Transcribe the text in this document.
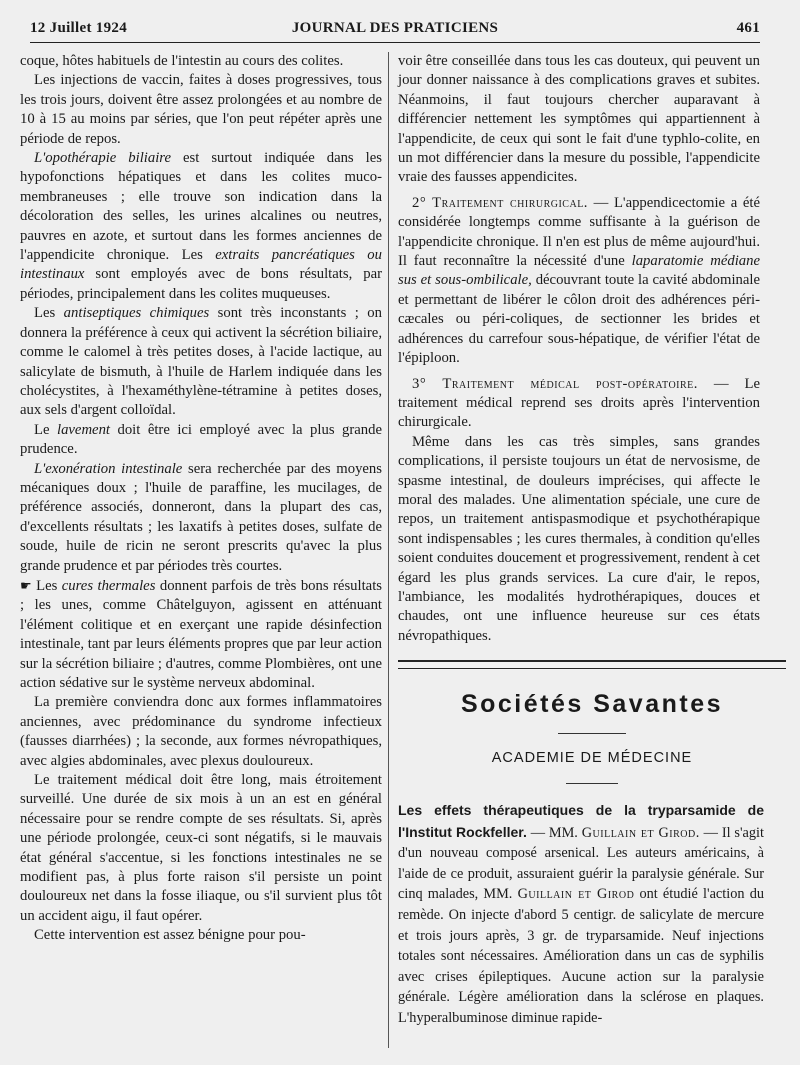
12 Juillet 1924	JOURNAL DES PRATICIENS	461

coque, hôtes habituels de l'intestin au cours des colites.

Les injections de vaccin, faites à doses progressives, tous les trois jours, doivent être assez prolongées et au nombre de 10 à 15 au moins par séries, que l'on peut répéter après une période de repos.

L'opothérapie biliaire est surtout indiquée dans les hypofonctions hépatiques et dans les colites muco-membraneuses ; elle trouve son indication dans la décoloration des selles, les urines alcalines ou neutres, pauvres en azote, et surtout dans les formes anciennes de l'appendicite chronique. Les extraits pancréatiques ou intestinaux sont employés avec de bons résultats, par périodes, principalement dans les colites muqueuses.

Les antiseptiques chimiques sont très inconstants ; on donnera la préférence à ceux qui activent la sécrétion biliaire, comme le calomel à très petites doses, à l'acide lactique, au salicylate de bismuth, à l'huile de Harlem indiquée dans les cholécystites, à l'hexaméthylène-tétramine à petites doses, aux sels d'argent colloïdal.

Le lavement doit être ici employé avec la plus grande prudence.

L'exonération intestinale sera recherchée par des moyens mécaniques doux ; l'huile de paraffine, les mucilages, de préférence associés, donneront, dans la plupart des cas, d'excellents résultats ; les laxatifs à petites doses, sulfate de soude, huile de ricin ne seront prescrits qu'avec la plus grande prudence et par périodes très courtes.

☛ Les cures thermales donnent parfois de très bons résultats ; les unes, comme Châtelguyon, agissent en atténuant l'élément colitique et en exerçant une rapide désinfection intestinale, tant par leurs éléments propres que par leur action sur la sécrétion biliaire ; d'autres, comme Plombières, ont une action sédative sur le système nerveux abdominal.

La première conviendra donc aux formes inflammatoires anciennes, avec prédominance du syndrome infectieux (fausses diarrhées) ; la seconde, aux formes névropathiques, avec algies abdominales, avec plexus douloureux.

Le traitement médical doit être long, mais étroitement surveillé. Une durée de six mois à un an est en général nécessaire pour se rendre compte de ses résultats. Si, après une période prolongée, ceux-ci sont négatifs, si le mauvais état général s'accentue, si les fonctions intestinales ne se modifient pas, à plus forte raison s'il persiste un point douloureux net dans la fosse iliaque, ou s'il survient plus tôt un accident aigu, il faut opérer.

Cette intervention est assez bénigne pour pou-

voir être conseillée dans tous les cas douteux, qui peuvent un jour donner naissance à des complications graves et subites. Néanmoins, il faut toujours chercher auparavant à différencier nettement les symptômes qui appartiennent à l'appendicite, de ceux qui sont le fait d'une typhlo-colite, en un mot différencier dans la mesure du possible, l'appendicite vraie des fausses appendicites.

2° Traitement chirurgical. — L'appendicectomie a été considérée longtemps comme suffisante à la guérison de l'appendicite chronique. Il n'en est plus de même aujourd'hui. Il faut reconnaître la nécessité d'une laparatomie médiane sus et sous-ombilicale, découvrant toute la cavité abdominale et permettant de libérer le côlon droit des adhérences péri-cæcales ou péri-coliques, de sectionner les brides et adhérences du carrefour sous-hépatique, de vérifier l'état de l'épiploon.

3° Traitement médical post-opératoire. — Le traitement médical reprend ses droits après l'intervention chirurgicale.

Même dans les cas très simples, sans grandes complications, il persiste toujours un état de nervosisme, de spasme intestinal, de douleurs imprécises, qui affecte le moral des malades. Une alimentation spéciale, une cure de repos, un traitement antispasmodique et psychothérapique sont indispensables ; les cures thermales, à condition qu'elles soient conduites doucement et progressivement, rendent à cet égard les plus grands services. La cure d'air, le repos, l'ambiance, les modalités hydrothérapiques, douces et chaudes, ont une influence heureuse sur ces états névropathiques.

Sociétés Savantes
ACADEMIE DE MÉDECINE

Les effets thérapeutiques de la tryparsamide de l'Institut Rockfeller. — MM. Guillain et Girod. — Il s'agit d'un nouveau composé arsenical. Les auteurs américains, à l'aide de ce produit, assuraient guérir la paralysie générale. Sur cinq malades, MM. Guillain et Girod ont étudié l'action du remède. On injecte d'abord 5 centigr. de salicylate de mercure et trois jours après, 3 gr. de tryparsamide. Neuf injections totales sont nécessaires. Amélioration dans un cas de syphilis avec crises épileptiques. Aucune action sur la paralysie générale. Légère amélioration dans la sclérose en plaques. L'hyperalbuminose diminue rapide-
